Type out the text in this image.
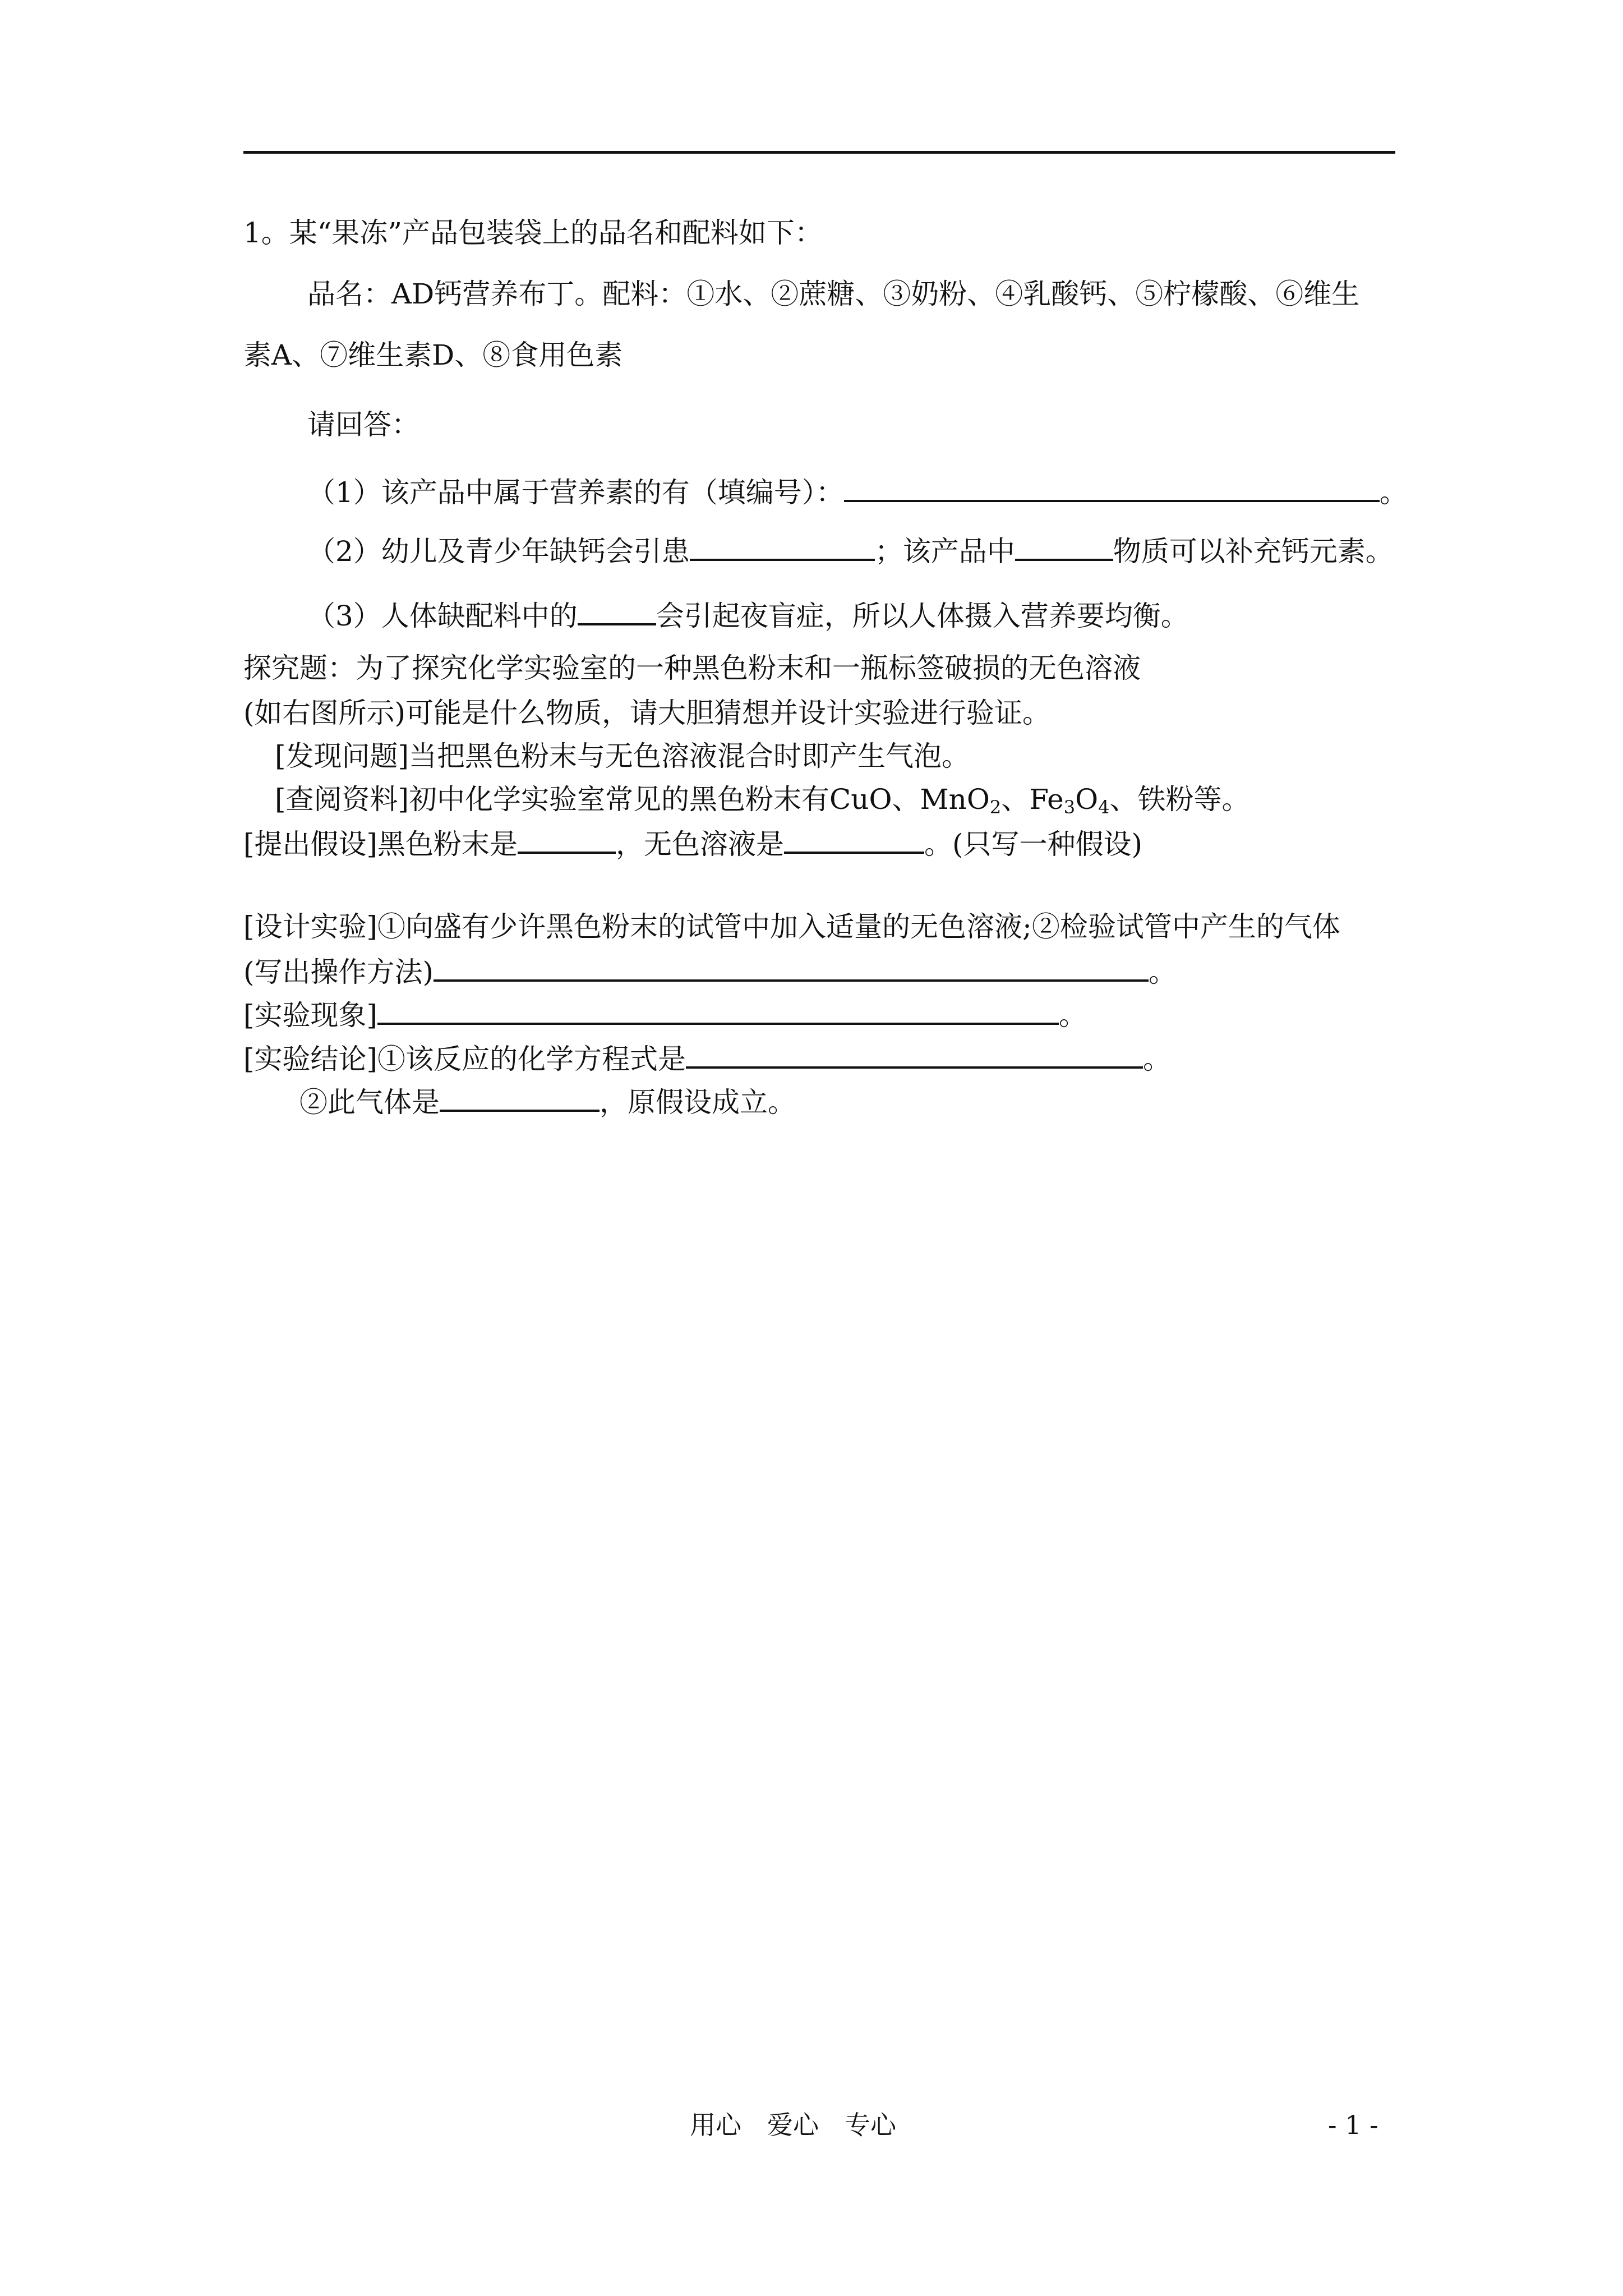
1。某“果冻”产品包装袋上的品名和配料如下：
品名：AD钙营养布丁。配料：①水、②蔗糖、③奶粉、④乳酸钙、⑤柠檬酸、⑥维生
素A、⑦维生素D、⑧食用色素
请回答：
（1）该产品中属于营养素的有（填编号）：	。
（2）幼儿及青少年缺钙会引患	；该产品中	物质可以补充钙元素。
（3）人体缺配料中的	会引起夜盲症，所以人体摄入营养要均衡。
探究题：为了探究化学实验室的一种黑色粉末和一瓶标签破损的无色溶液
(如右图所示)可能是什么物质，请大胆猜想并设计实验进行验证。
[发现问题]当把黑色粉末与无色溶液混合时即产生气泡。
[查阅资料]初中化学实验室常见的黑色粉末有CuO、MnO$_2$、$Fe_3O_4$、铁粉等。
[提出假设]黑色粉末是	，无色溶液是	。(只写一种假设)
[设计实验]①向盛有少许黑色粉末的试管中加入适量的无色溶液;②检验试管中产生的气体
(写出操作方法)	。
[实验现象]	。
[实验结论]①该反应的化学方程式是	。
②此气体是	，原假设成立。
用心　爱心　专心	- 1 -
